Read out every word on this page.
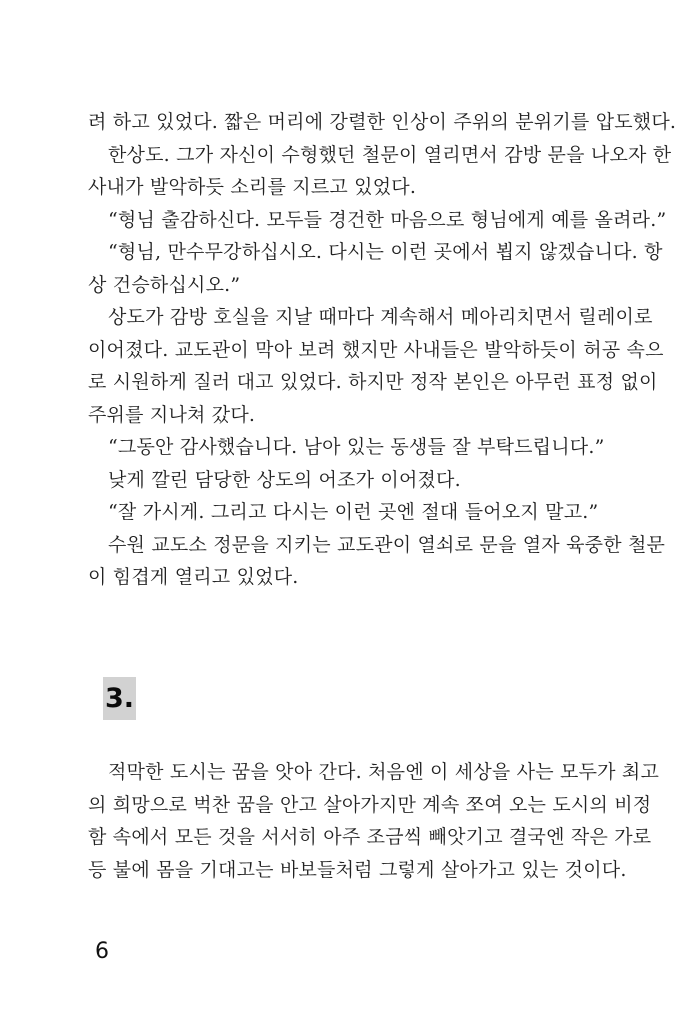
려 하고 있었다. 짧은 머리에 강렬한 인상이 주위의 분위기를 압도했다.
한상도. 그가 자신이 수형했던 철문이 열리면서 감방 문을 나오자 한
사내가 발악하듯 소리를 지르고 있었다.
“형님 출감하신다. 모두들 경건한 마음으로 형님에게 예를 올려라.”
“형님, 만수무강하십시오. 다시는 이런 곳에서 뵙지 않겠습니다. 항
상 건승하십시오.”
상도가 감방 호실을 지날 때마다 계속해서 메아리치면서 릴레이로
이어졌다. 교도관이 막아 보려 했지만 사내들은 발악하듯이 허공 속으
로 시원하게 질러 대고 있었다. 하지만 정작 본인은 아무런 표정 없이
주위를 지나쳐 갔다.
“그동안 감사했습니다. 남아 있는 동생들 잘 부탁드립니다.”
낮게 깔린 담당한 상도의 어조가 이어졌다.
“잘 가시게. 그리고 다시는 이런 곳엔 절대 들어오지 말고.”
수원 교도소 정문을 지키는 교도관이 열쇠로 문을 열자 육중한 철문
이 힘겹게 열리고 있었다.
3.
적막한 도시는 꿈을 앗아 간다. 처음엔 이 세상을 사는 모두가 최고
의 희망으로 벅찬 꿈을 안고 살아가지만 계속 쪼여 오는 도시의 비정
함 속에서 모든 것을 서서히 아주 조금씩 빼앗기고 결국엔 작은 가로
등 불에 몸을 기대고는 바보들처럼 그렇게 살아가고 있는 것이다.
6
